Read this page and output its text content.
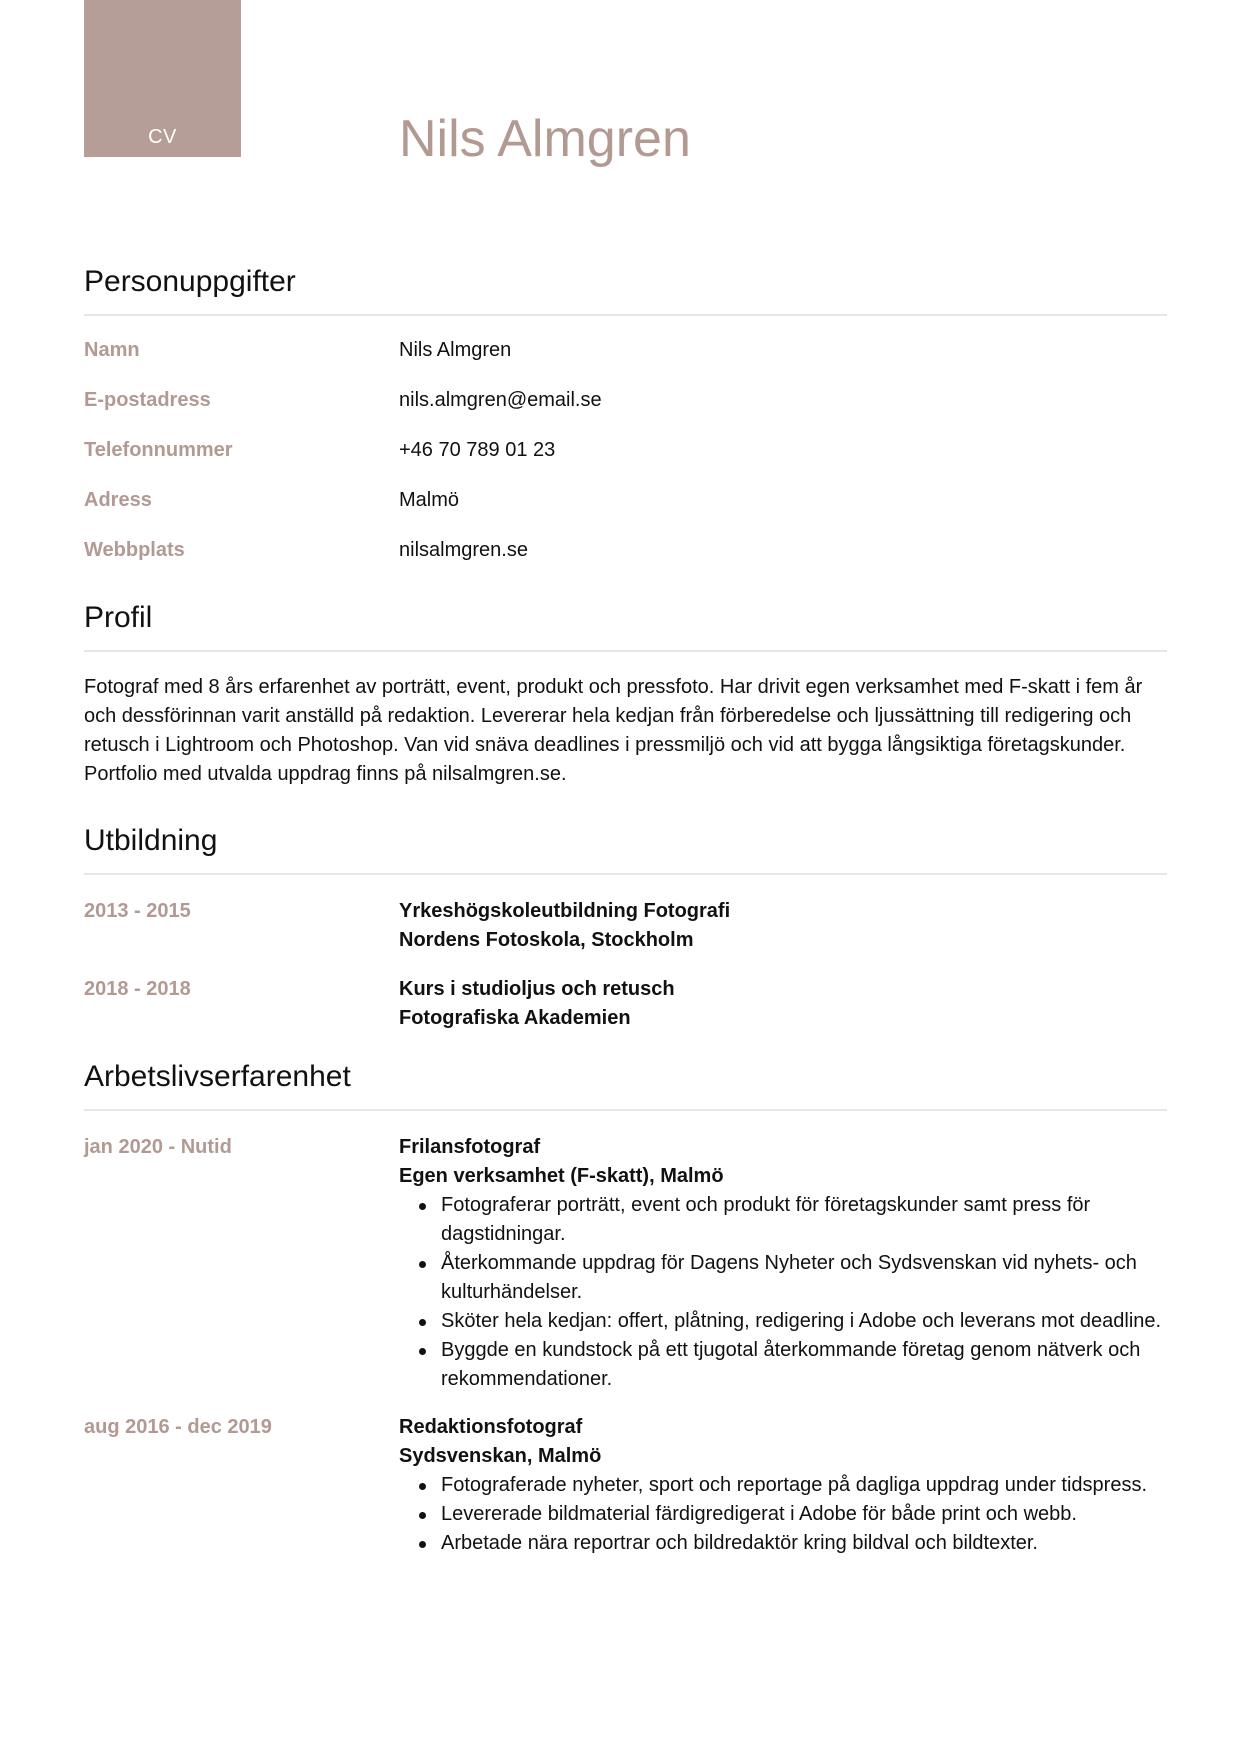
CV	Nils Almgren
Personuppgifter
Namn	Nils Almgren
E-postadress	nils.almgren@email.se
Telefonnummer	+46 70 789 01 23
Adress	Malmö
Webbplats	nilsalmgren.se
Profil

Fotograf med 8 års erfarenhet av porträtt, event, produkt och pressfoto. Har drivit egen verksamhet med F-skatt i fem år och dessförinnan varit anställd på redaktion. Levererar hela kedjan från förberedelse och ljussättning till redigering och retusch i Lightroom och Photoshop. Van vid snäva deadlines i pressmiljö och vid att bygga långsiktiga företagskunder. Portfolio med utvalda uppdrag finns på nilsalmgren.se.

Utbildning
2013 - 2015	Yrkeshögskoleutbildning Fotografi
Nordens Fotoskola, Stockholm
2018 - 2018	Kurs i studioljus och retusch
Fotografiska Akademien
Arbetslivserfarenhet
jan 2020 - Nutid	Frilansfotograf
Egen verksamhet (F-skatt), Malmö
Fotograferar porträtt, event och produkt för företagskunder samt press för dagstidningar.
Återkommande uppdrag för Dagens Nyheter och Sydsvenskan vid nyhets- och kulturhändelser.
Sköter hela kedjan: offert, plåtning, redigering i Adobe och leverans mot deadline.
Byggde en kundstock på ett tjugotal återkommande företag genom nätverk och rekommendationer.
aug 2016 - dec 2019	Redaktionsfotograf
Sydsvenskan, Malmö
Fotograferade nyheter, sport och reportage på dagliga uppdrag under tidspress.
Levererade bildmaterial färdigredigerat i Adobe för både print och webb.
Arbetade nära reportrar och bildredaktör kring bildval och bildtexter.
